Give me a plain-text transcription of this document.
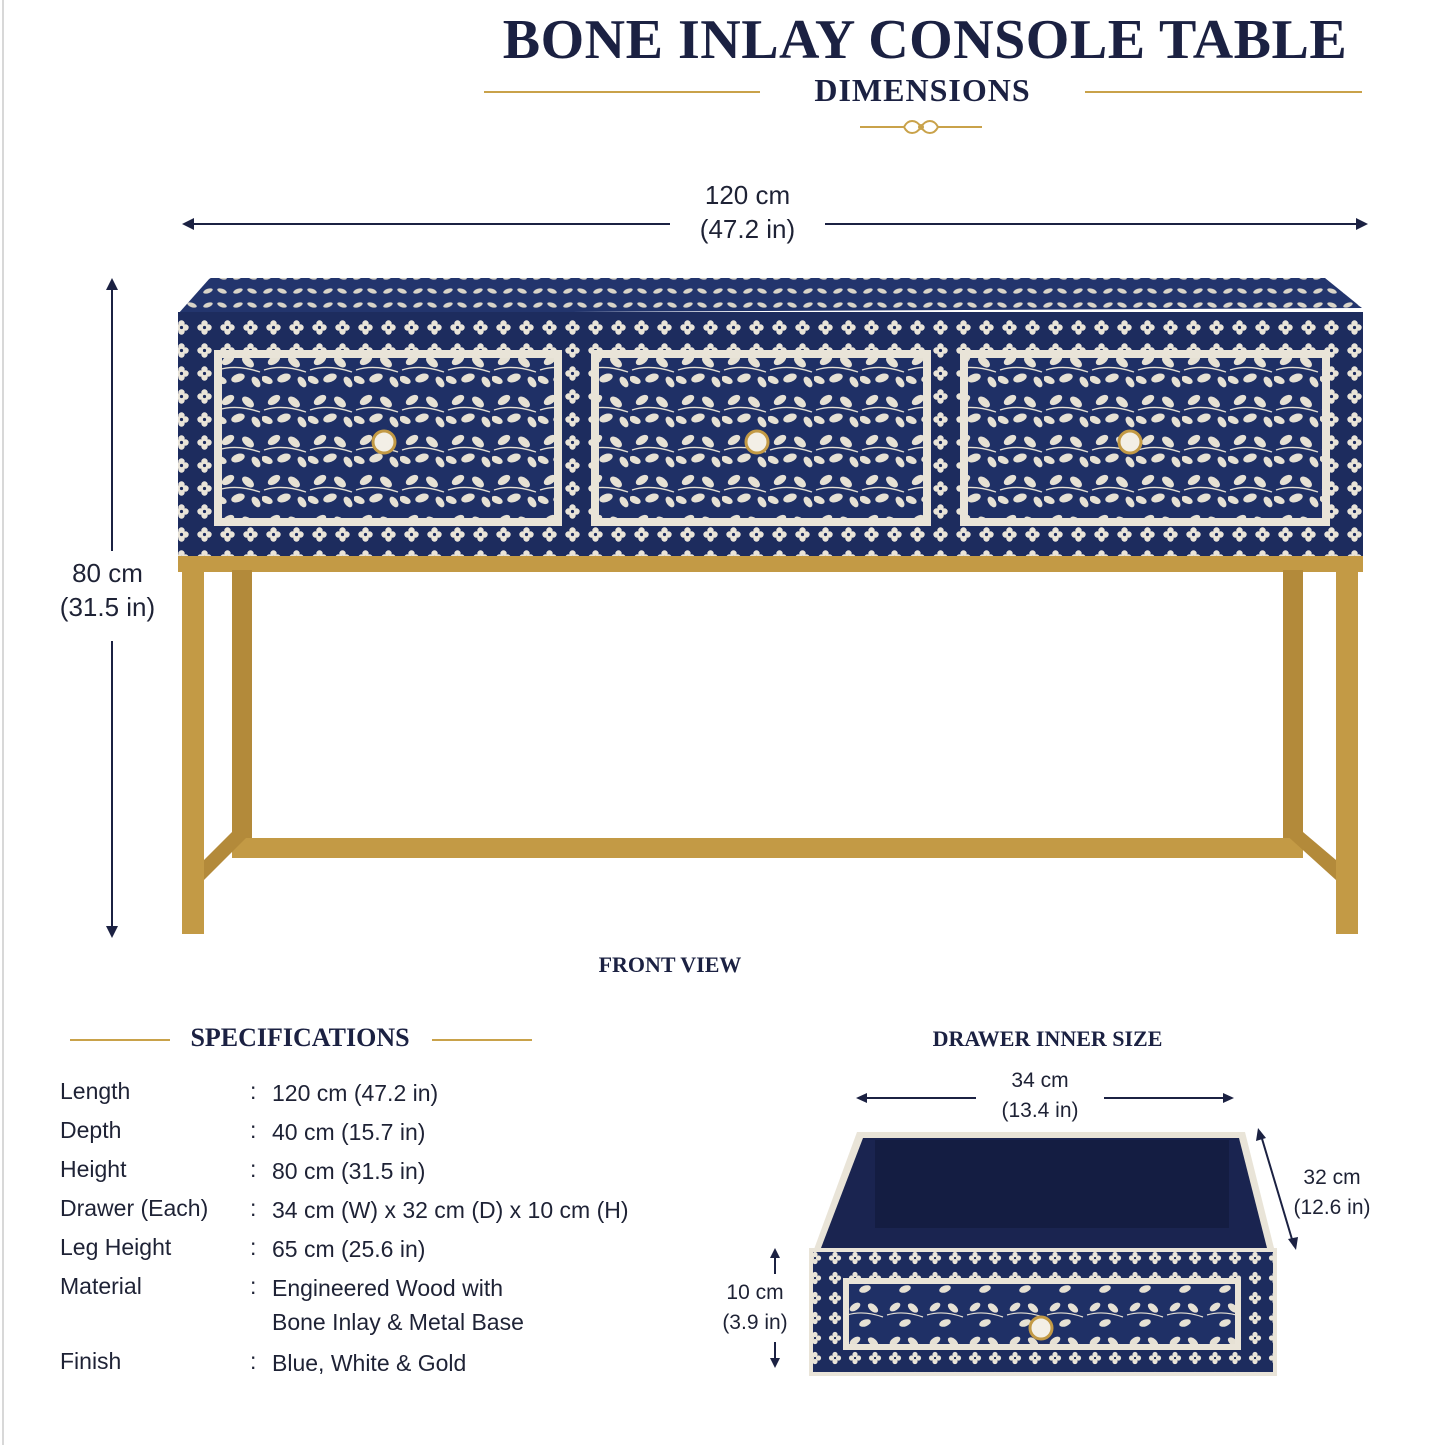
BONE INLAY CONSOLE TABLE
DIMENSIONS
120 cm
(47.2 in)
80 cm
(31.5 in)
FRONT VIEW
SPECIFICATIONS
Length	: 120 cm (47.2 in)
Depth	: 40 cm (15.7 in)
Height	: 80 cm (31.5 in)
Drawer (Each) : 34 cm (W) x 32 cm (D) x 10 cm (H)
Leg Height	: 65 cm (25.6 in)
Material	: Engineered Wood with
Bone Inlay & Metal Base
Finish	: Blue, White & Gold
DRAWER INNER SIZE
34 cm
(13.4 in)
32 cm
(12.6 in)
10 cm
(3.9 in)
